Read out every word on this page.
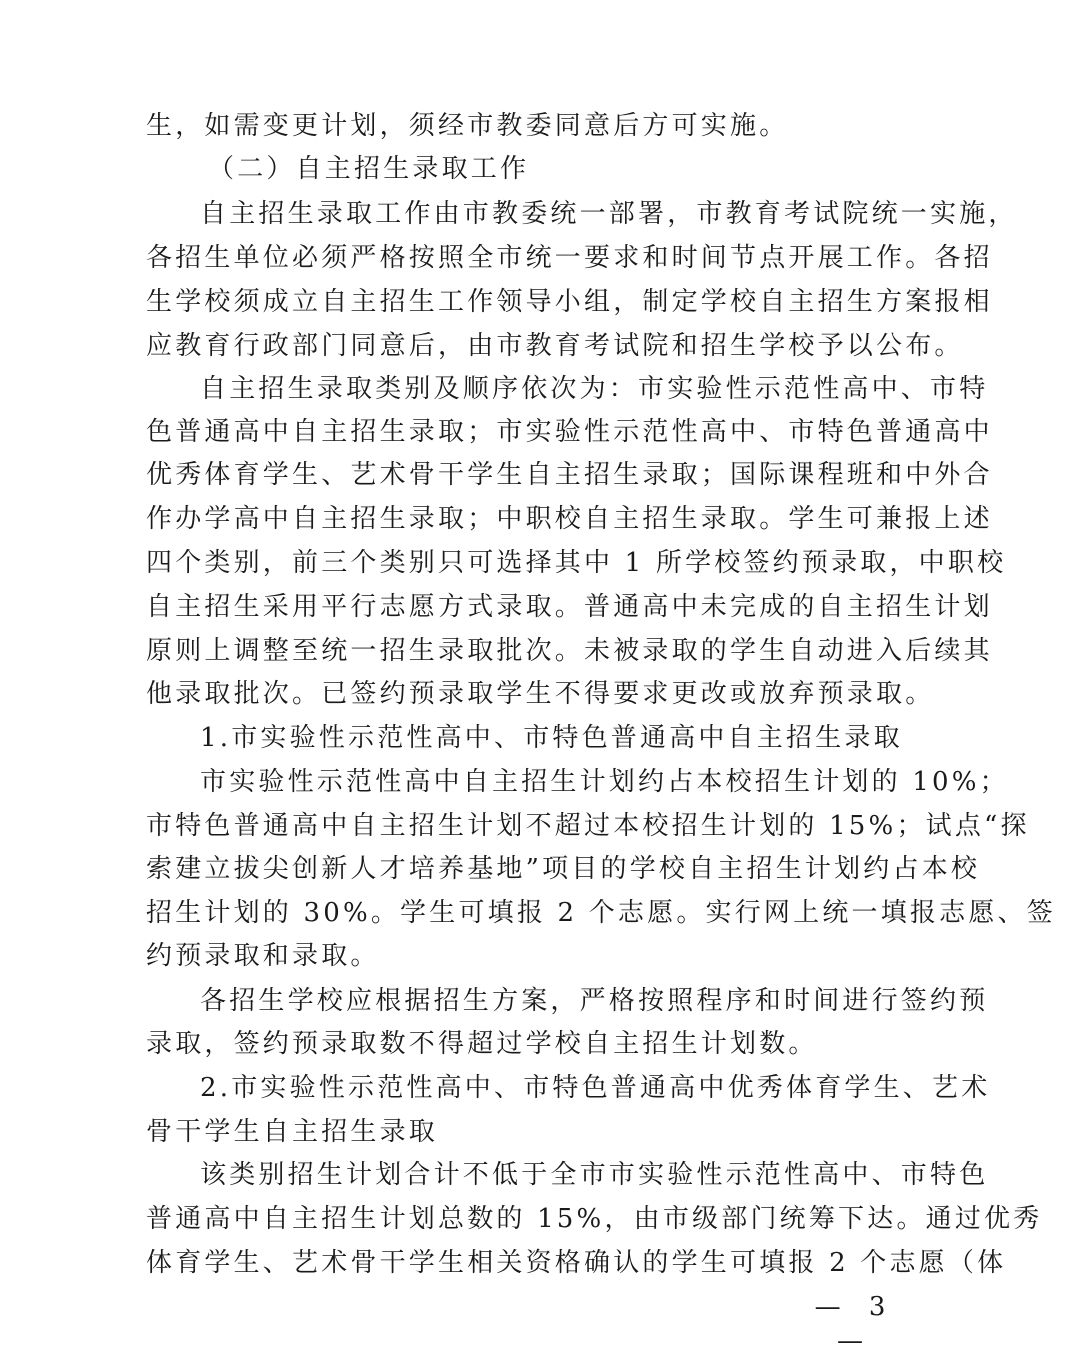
生，如需变更计划，须经市教委同意后方可实施。
（二）自主招生录取工作
自主招生录取工作由市教委统一部署，市教育考试院统一实施，
各招生单位必须严格按照全市统一要求和时间节点开展工作。各招
生学校须成立自主招生工作领导小组，制定学校自主招生方案报相
应教育行政部门同意后，由市教育考试院和招生学校予以公布。
自主招生录取类别及顺序依次为：市实验性示范性高中、市特
色普通高中自主招生录取；市实验性示范性高中、市特色普通高中
优秀体育学生、艺术骨干学生自主招生录取；国际课程班和中外合
作办学高中自主招生录取；中职校自主招生录取。学生可兼报上述
四个类别，前三个类别只可选择其中 1 所学校签约预录取，中职校
自主招生采用平行志愿方式录取。普通高中未完成的自主招生计划
原则上调整至统一招生录取批次。未被录取的学生自动进入后续其
他录取批次。已签约预录取学生不得要求更改或放弃预录取。
1.市实验性示范性高中、市特色普通高中自主招生录取
市实验性示范性高中自主招生计划约占本校招生计划的 10%；
市特色普通高中自主招生计划不超过本校招生计划的 15%；试点“探
索建立拔尖创新人才培养基地”项目的学校自主招生计划约占本校
招生计划的 30%。学生可填报 2 个志愿。实行网上统一填报志愿、签
约预录取和录取。
各招生学校应根据招生方案，严格按照程序和时间进行签约预
录取，签约预录取数不得超过学校自主招生计划数。
2.市实验性示范性高中、市特色普通高中优秀体育学生、艺术
骨干学生自主招生录取
该类别招生计划合计不低于全市市实验性示范性高中、市特色
普通高中自主招生计划总数的 15%，由市级部门统筹下达。通过优秀
体育学生、艺术骨干学生相关资格确认的学生可填报 2 个志愿（体
— 3 —
